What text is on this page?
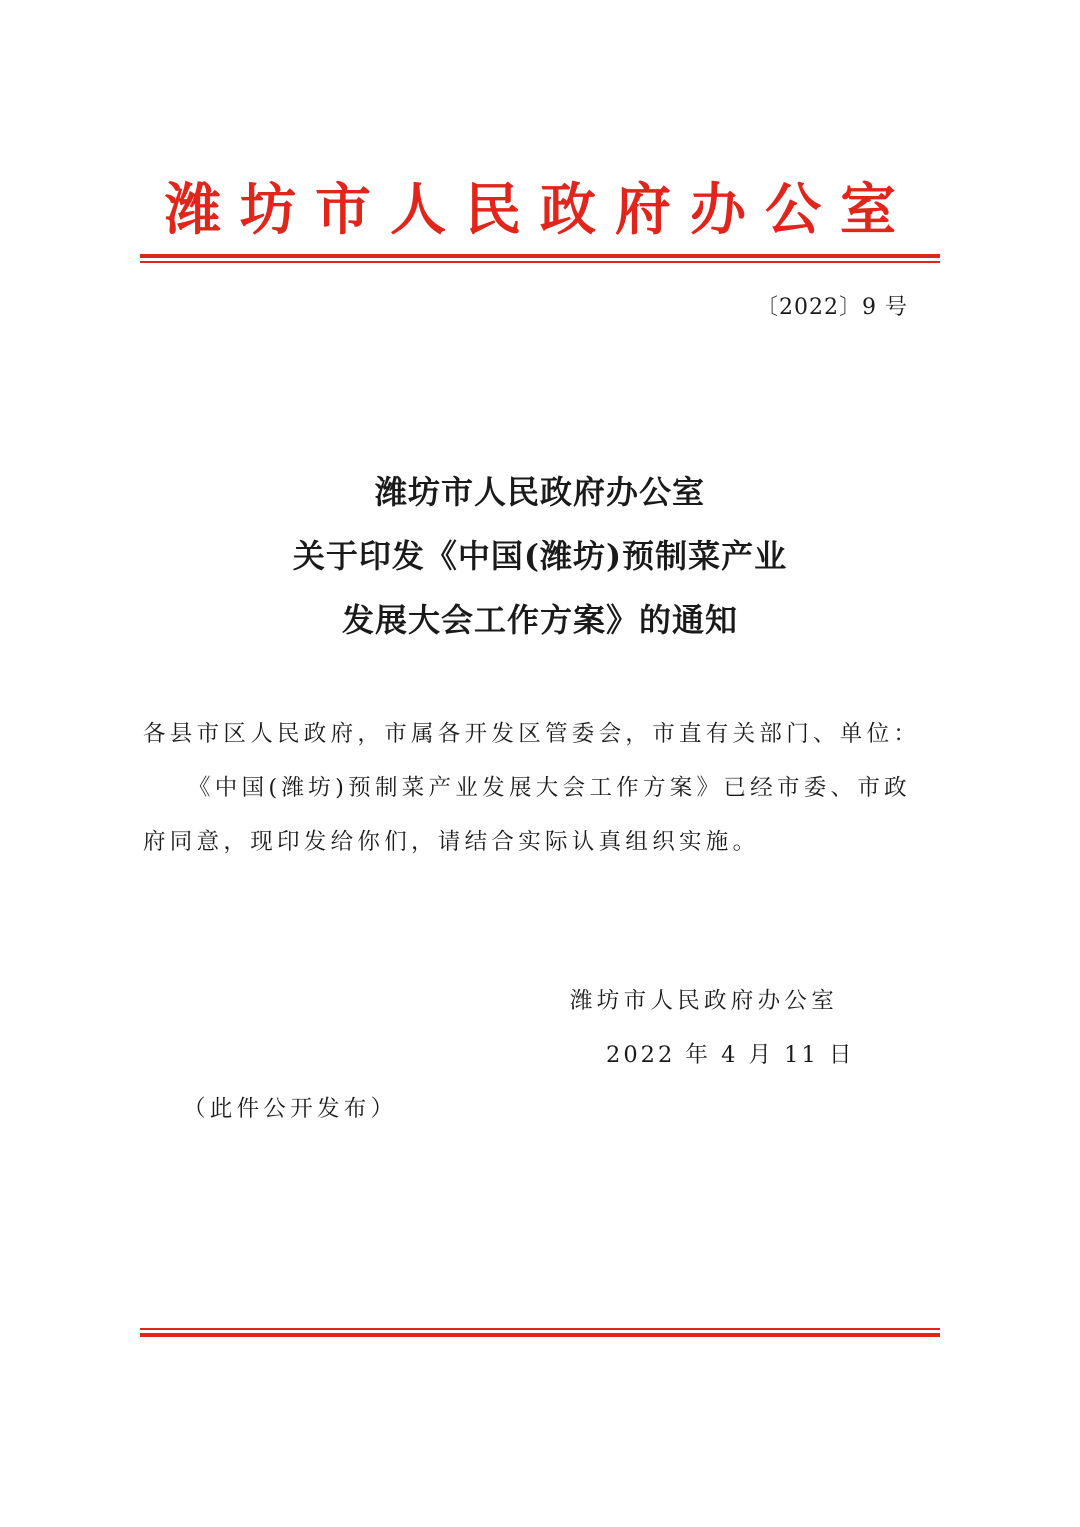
潍坊市人民政府办公室
〔2022〕9 号
潍坊市人民政府办公室
关于印发《中国(潍坊)预制菜产业
发展大会工作方案》的通知
各县市区人民政府，市属各开发区管委会，市直有关部门、单位：
《中国(潍坊)预制菜产业发展大会工作方案》已经市委、市政
府同意，现印发给你们，请结合实际认真组织实施。
潍坊市人民政府办公室
2022 年 4 月 11 日
（此件公开发布）
